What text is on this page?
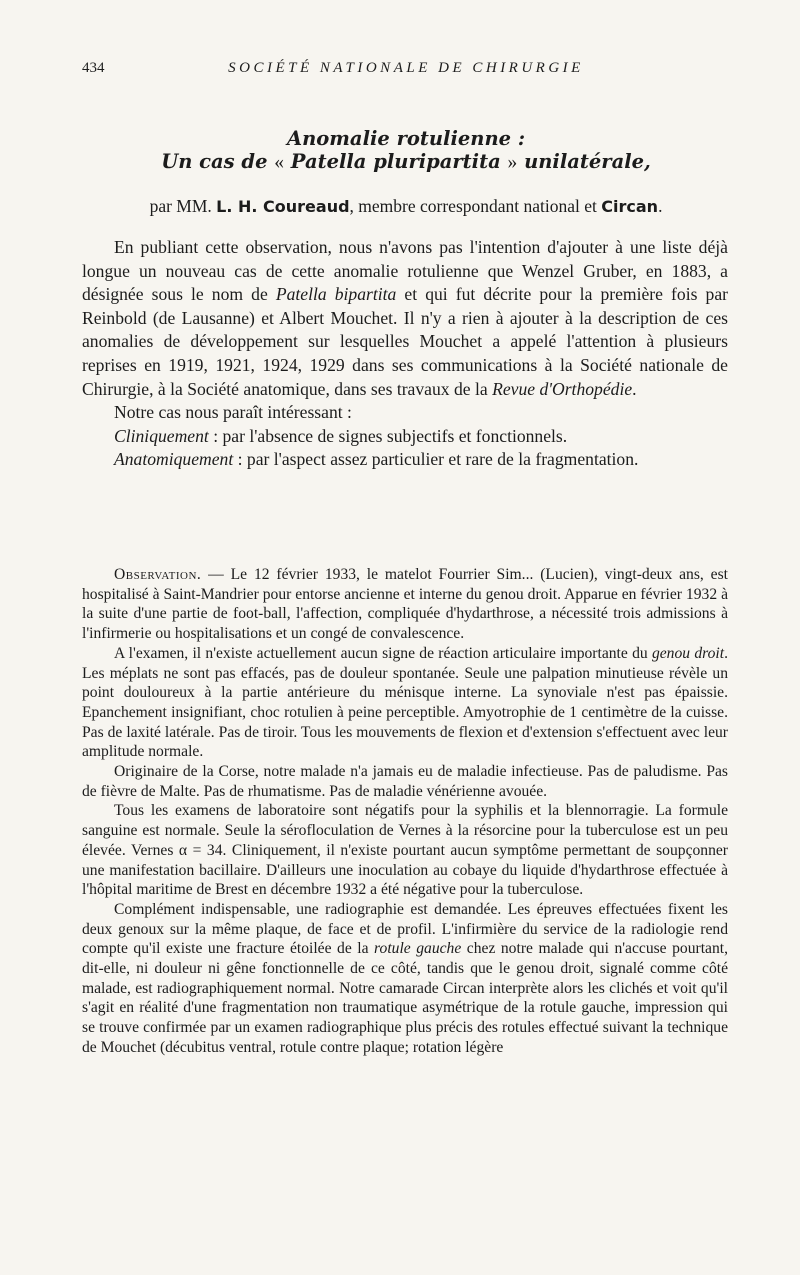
434	SOCIÉTÉ NATIONALE DE CHIRURGIE
Anomalie rotulienne :
Un cas de « Patella pluripartita » unilatérale,
par MM. L. H. Coureaud, membre correspondant national et Circan.

En publiant cette observation, nous n'avons pas l'intention d'ajouter à une liste déjà longue un nouveau cas de cette anomalie rotulienne que Wenzel Gruber, en 1883, a désignée sous le nom de Patella bipartita et qui fut décrite pour la première fois par Reinbold (de Lausanne) et Albert Mouchet. Il n'y a rien à ajouter à la description de ces anomalies de développement sur lesquelles Mouchet a appelé l'attention à plusieurs reprises en 1919, 1921, 1924, 1929 dans ses communications à la Société nationale de Chirurgie, à la Société anatomique, dans ses travaux de la Revue d'Orthopédie.

Notre cas nous paraît intéressant :

Cliniquement : par l'absence de signes subjectifs et fonctionnels.

Anatomiquement : par l'aspect assez particulier et rare de la fragmentation.

Observation. — Le 12 février 1933, le matelot Fourrier Sim... (Lucien), vingt-deux ans, est hospitalisé à Saint-Mandrier pour entorse ancienne et interne du genou droit. Apparue en février 1932 à la suite d'une partie de foot-ball, l'affection, compliquée d'hydarthrose, a nécessité trois admissions à l'infirmerie ou hospitalisations et un congé de convalescence.

A l'examen, il n'existe actuellement aucun signe de réaction articulaire importante du genou droit. Les méplats ne sont pas effacés, pas de douleur spontanée. Seule une palpation minutieuse révèle un point douloureux à la partie antérieure du ménisque interne. La synoviale n'est pas épaissie. Epanchement insignifiant, choc rotulien à peine perceptible. Amyotrophie de 1 centimètre de la cuisse. Pas de laxité latérale. Pas de tiroir. Tous les mouvements de flexion et d'extension s'effectuent avec leur amplitude normale.

Originaire de la Corse, notre malade n'a jamais eu de maladie infectieuse. Pas de paludisme. Pas de fièvre de Malte. Pas de rhumatisme. Pas de maladie vénérienne avouée.

Tous les examens de laboratoire sont négatifs pour la syphilis et la blennorragie. La formule sanguine est normale. Seule la sérofloculation de Vernes à la résorcine pour la tuberculose est un peu élevée. Vernes α = 34. Cliniquement, il n'existe pourtant aucun symptôme permettant de soupçonner une manifestation bacillaire. D'ailleurs une inoculation au cobaye du liquide d'hydarthrose effectuée à l'hôpital maritime de Brest en décembre 1932 a été négative pour la tuberculose.

Complément indispensable, une radiographie est demandée. Les épreuves effectuées fixent les deux genoux sur la même plaque, de face et de profil. L'infirmière du service de la radiologie rend compte qu'il existe une fracture étoilée de la rotule gauche chez notre malade qui n'accuse pourtant, dit-elle, ni douleur ni gêne fonctionnelle de ce côté, tandis que le genou droit, signalé comme côté malade, est radiographiquement normal. Notre camarade Circan interprète alors les clichés et voit qu'il s'agit en réalité d'une fragmentation non traumatique asymétrique de la rotule gauche, impression qui se trouve confirmée par un examen radiographique plus précis des rotules effectué suivant la technique de Mouchet (décubitus ventral, rotule contre plaque; rotation légère
